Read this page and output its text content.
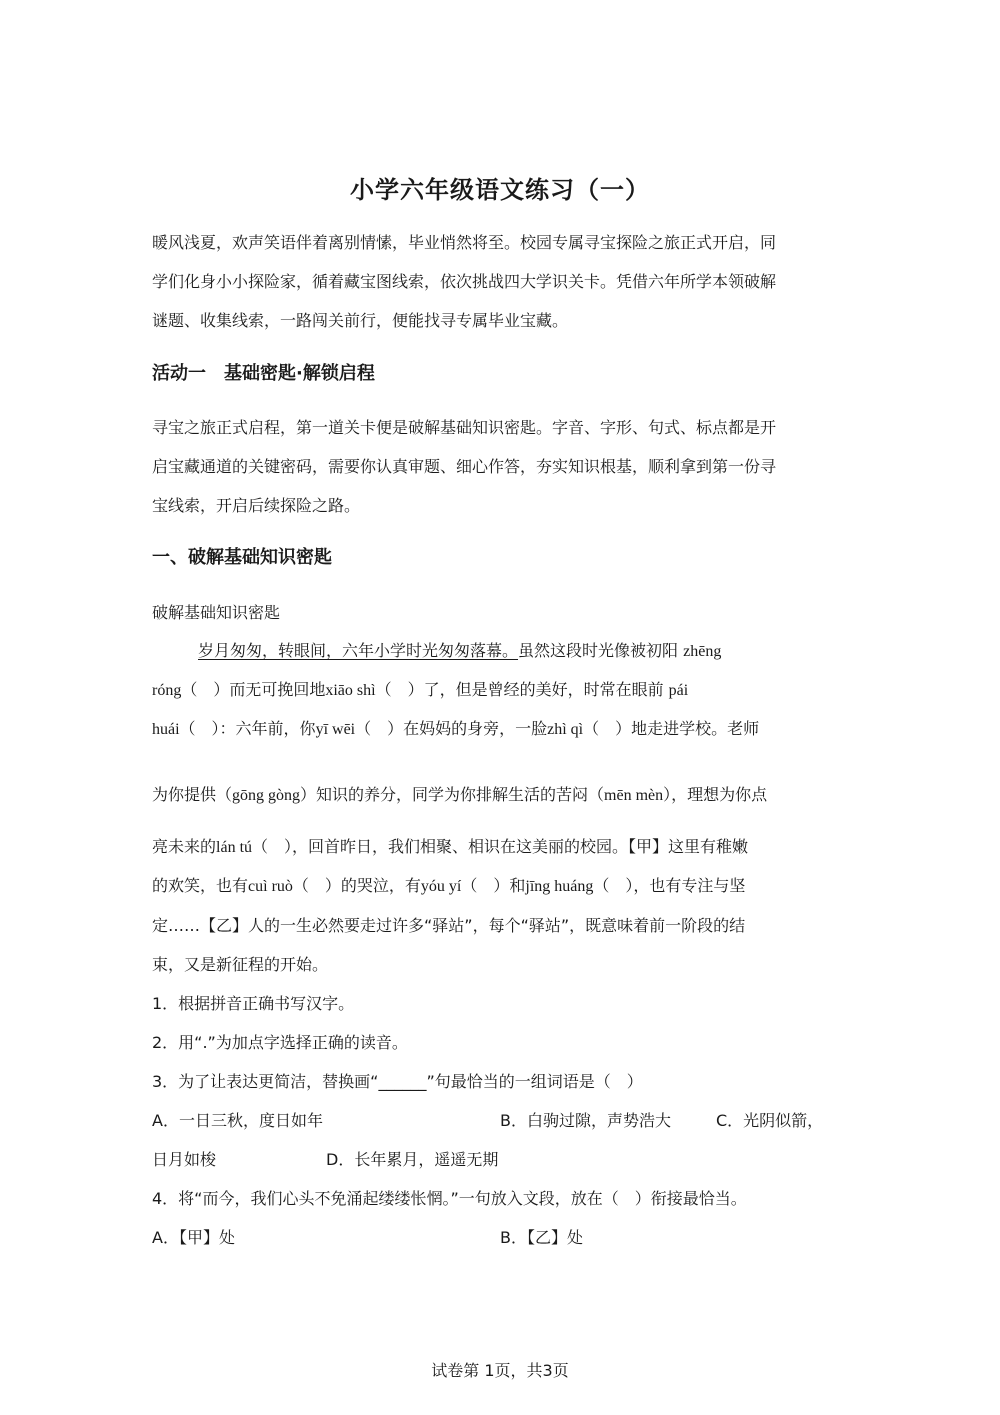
小学六年级语文练习（一）
暖风浅夏，欢声笑语伴着离别情愫，毕业悄然将至。校园专属寻宝探险之旅正式开启，同
学们化身小小探险家，循着藏宝图线索，依次挑战四大学识关卡。凭借六年所学本领破解
谜题、收集线索，一路闯关前行，便能找寻专属毕业宝藏。
活动一　基础密匙·解锁启程
寻宝之旅正式启程，第一道关卡便是破解基础知识密匙。字音、字形、句式、标点都是开
启宝藏通道的关键密码，需要你认真审题、细心作答，夯实知识根基，顺利拿到第一份寻
宝线索，开启后续探险之路。
一、破解基础知识密匙
破解基础知识密匙
岁月匆匆，转眼间，六年小学时光匆匆落幕。虽然这段时光像被初阳 zhēng
róng（　）而无可挽回地xiāo shì（　）了，但是曾经的美好，时常在眼前 pái
huái（　）：六年前，你yī wēi（　）在妈妈的身旁，一脸zhì qì（　）地走进学校。老师
为你提供（gōng gòng）知识的养分，同学为你排解生活的苦闷（mēn mèn），理想为你点
亮未来的lán tú（　），回首昨日，我们相聚、相识在这美丽的校园。【甲】这里有稚嫩
的欢笑，也有cuì ruò（　）的哭泣，有yóu yí（　）和jīng huáng（　），也有专注与坚
定……【乙】人的一生必然要走过许多“驿站”，每个“驿站”，既意味着前一阶段的结
束，又是新征程的开始。
1．根据拼音正确书写汉字。
2．用“.”为加点字选择正确的读音。
3．为了让表达更简洁，替换画“______”句最恰当的一组词语是（　）
A．一日三秋，度日如年	B．白驹过隙，声势浩大	C．光阴似箭，
日月如梭	D．长年累月，遥遥无期
4．将“而今，我们心头不免涌起缕缕怅惘。”一句放入文段，放在（　）衔接最恰当。
A．【甲】处	B．【乙】处
试卷第 1页，共3页
